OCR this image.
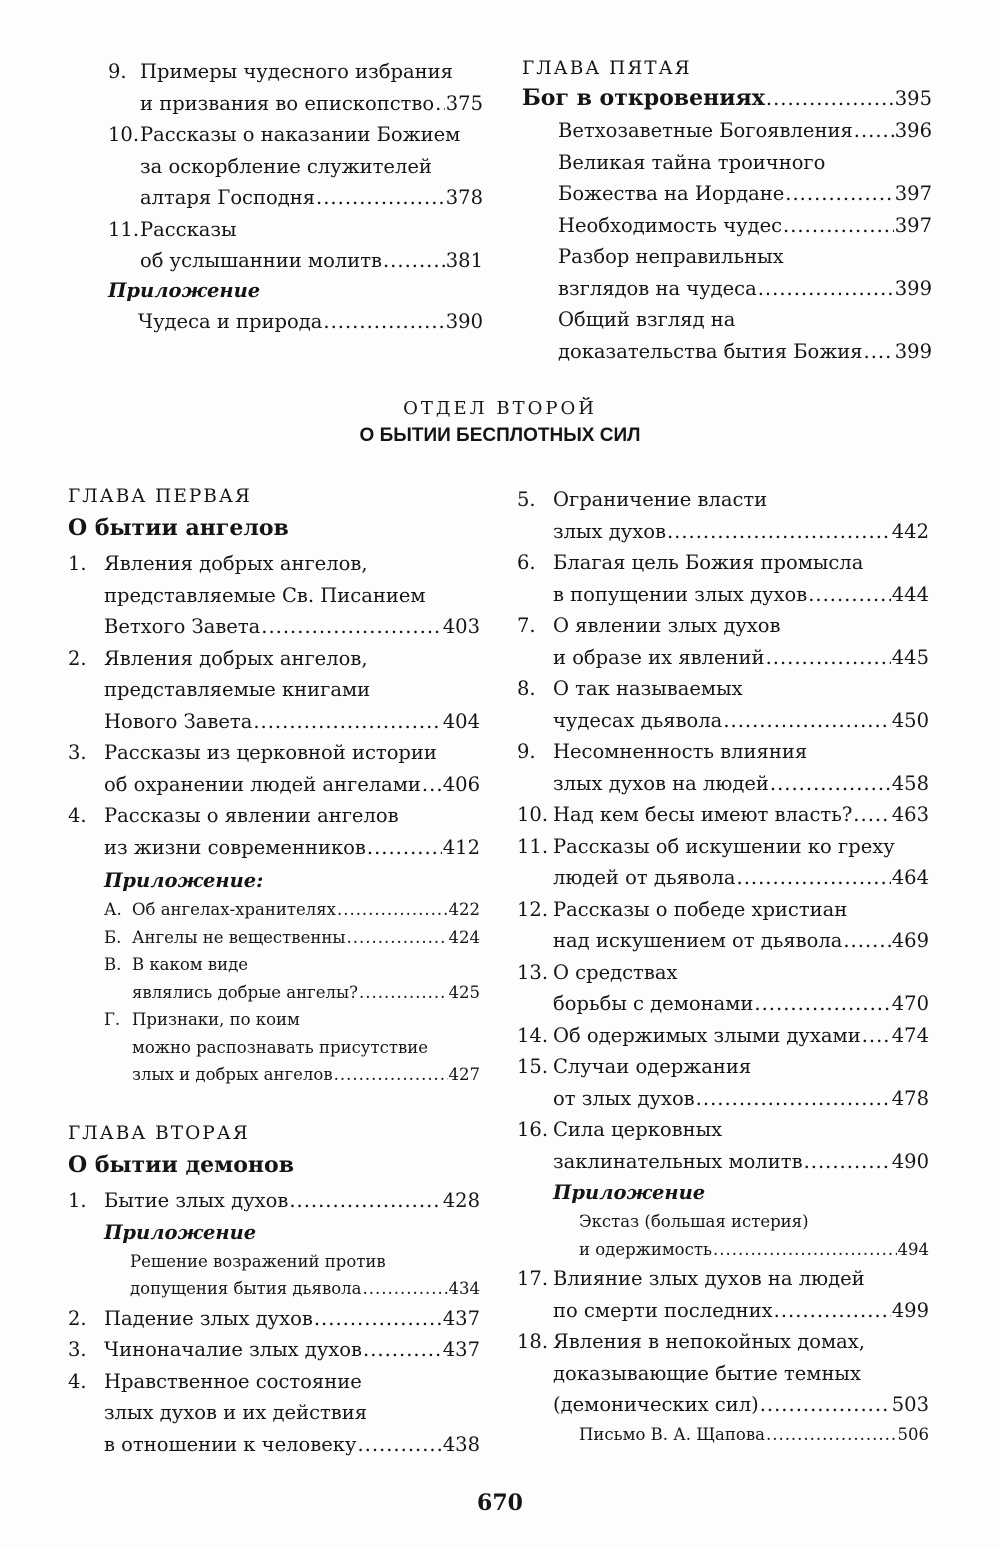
9. Примеры чудесного избрания
и призвания во епископство ..... 375
10. Рассказы о наказании Божием
за оскорбление служителей
алтаря Господня .....	378
11. Рассказы
об услышаннии молитв .....	381
Приложение
Чудеса и природа .....	390
ГЛАВА ПЯТАЯ
Бог в откровениях .....	395
Ветхозаветные Богоявления ..... 396
Великая тайна троичного
Божества на Иордане .....	397
Необходимость чудес .....	397
Разбор неправильных
взглядов на чудеса .....	399
Общий взгляд на
доказательства бытия Божия ..... 399
ОТДЕЛ ВТОРОЙ
О БЫТИИ БЕСПЛОТНЫХ СИЛ
ГЛАВА ПЕРВАЯ
О бытии ангелов
1. Явления добрых ангелов,
представляемые Св. Писанием
Ветхого Завета .....	403
2. Явления добрых ангелов,
представляемые книгами
Нового Завета .....	404
3. Рассказы из церковной истории
об охранении людей ангелами ..... 406
4. Рассказы о явлении ангелов
из жизни современников .....	412
Приложение:
А. Об ангелах-хранителях .....	422
Б. Ангелы не вещественны .....	424
В. В каком виде
являлись добрые ангелы? .....	425
Г. Признаки, по коим
можно распознавать присутствие
злых и добрых ангелов .....	427
ГЛАВА ВТОРАЯ
О бытии демонов
1. Бытие злых духов .....	428
Приложение
Решение возражений против
допущения бытия дьявола .....	434
2. Падение злых духов .....	437
3. Чиноначалие злых духов .....	437
4. Нравственное состояние
злых духов и их действия
в отношении к человеку .....	438
5. Ограничение власти
злых духов .....	442
6. Благая цель Божия промысла
в попущении злых духов .....	444
7. О явлении злых духов
и образе их явлений .....	445
8. О так называемых
чудесах дьявола .....	450
9. Несомненность влияния
злых духов на людей .....	458
10. Над кем бесы имеют власть? ..... 463
11. Рассказы об искушении ко греху
людей от дьявола .....	464
12. Рассказы о победе христиан
над искушением от дьявола .....	469
13. О средствах
борьбы с демонами .....	470
14. Об одержимых злыми духами ..... 474
15. Случаи одержания
от злых духов .....	478
16. Сила церковных
заклинательных молитв .....	490
Приложение
Экстаз (большая истерия)
и одержимость .....	494
17. Влияние злых духов на людей
по смерти последних .....	499
18. Явления в непокойных домах,
доказывающие бытие темных
(демонических сил) .....	503
Письмо В. А. Щапова .....	506
670
